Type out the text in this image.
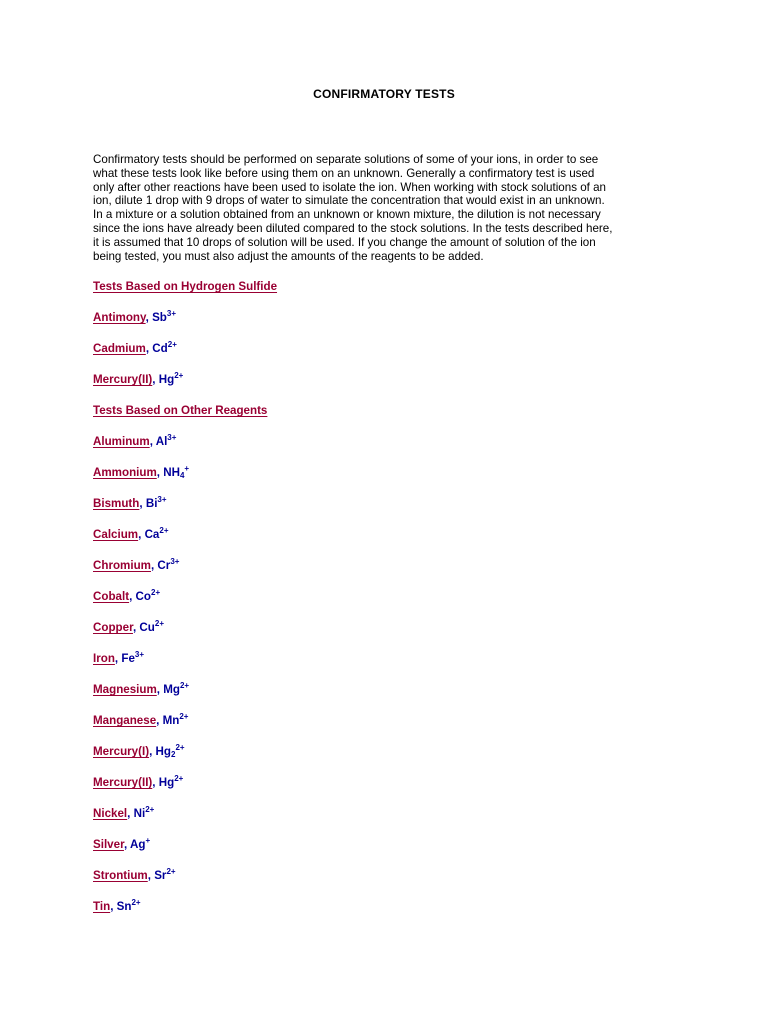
CONFIRMATORY TESTS
Confirmatory tests should be performed on separate solutions of some of your ions, in order to see
what these tests look like before using them on an unknown. Generally a confirmatory test is used
only after other reactions have been used to isolate the ion. When working with stock solutions of an
ion, dilute 1 drop with 9 drops of water to simulate the concentration that would exist in an unknown.
In a mixture or a solution obtained from an unknown or known mixture, the dilution is not necessary
since the ions have already been diluted compared to the stock solutions. In the tests described here,
it is assumed that 10 drops of solution will be used. If you change the amount of solution of the ion
being tested, you must also adjust the amounts of the reagents to be added.
Tests Based on Hydrogen Sulfide
Antimony, $Sb^{3+}$
Cadmium, $Cd^{2+}$
Mercury(II), $Hg^{2+}$
Tests Based on Other Reagents
Aluminum, $Al^{3+}$
Ammonium, $NH_4^+$
Bismuth, $Bi^{3+}$
Calcium, $Ca^{2+}$
Chromium, $Cr^{3+}$
Cobalt, $Co^{2+}$
Copper, $Cu^{2+}$
Iron, $Fe^{3+}$
Magnesium, $Mg^{2+}$
Manganese, $Mn^{2+}$
Mercury(I), $Hg_2^{2+}$
Mercury(II), $Hg^{2+}$
Nickel, $Ni^{2+}$
Silver, Ag+
Strontium, $Sr^{2+}$
Tin, $Sn^{2+}$
